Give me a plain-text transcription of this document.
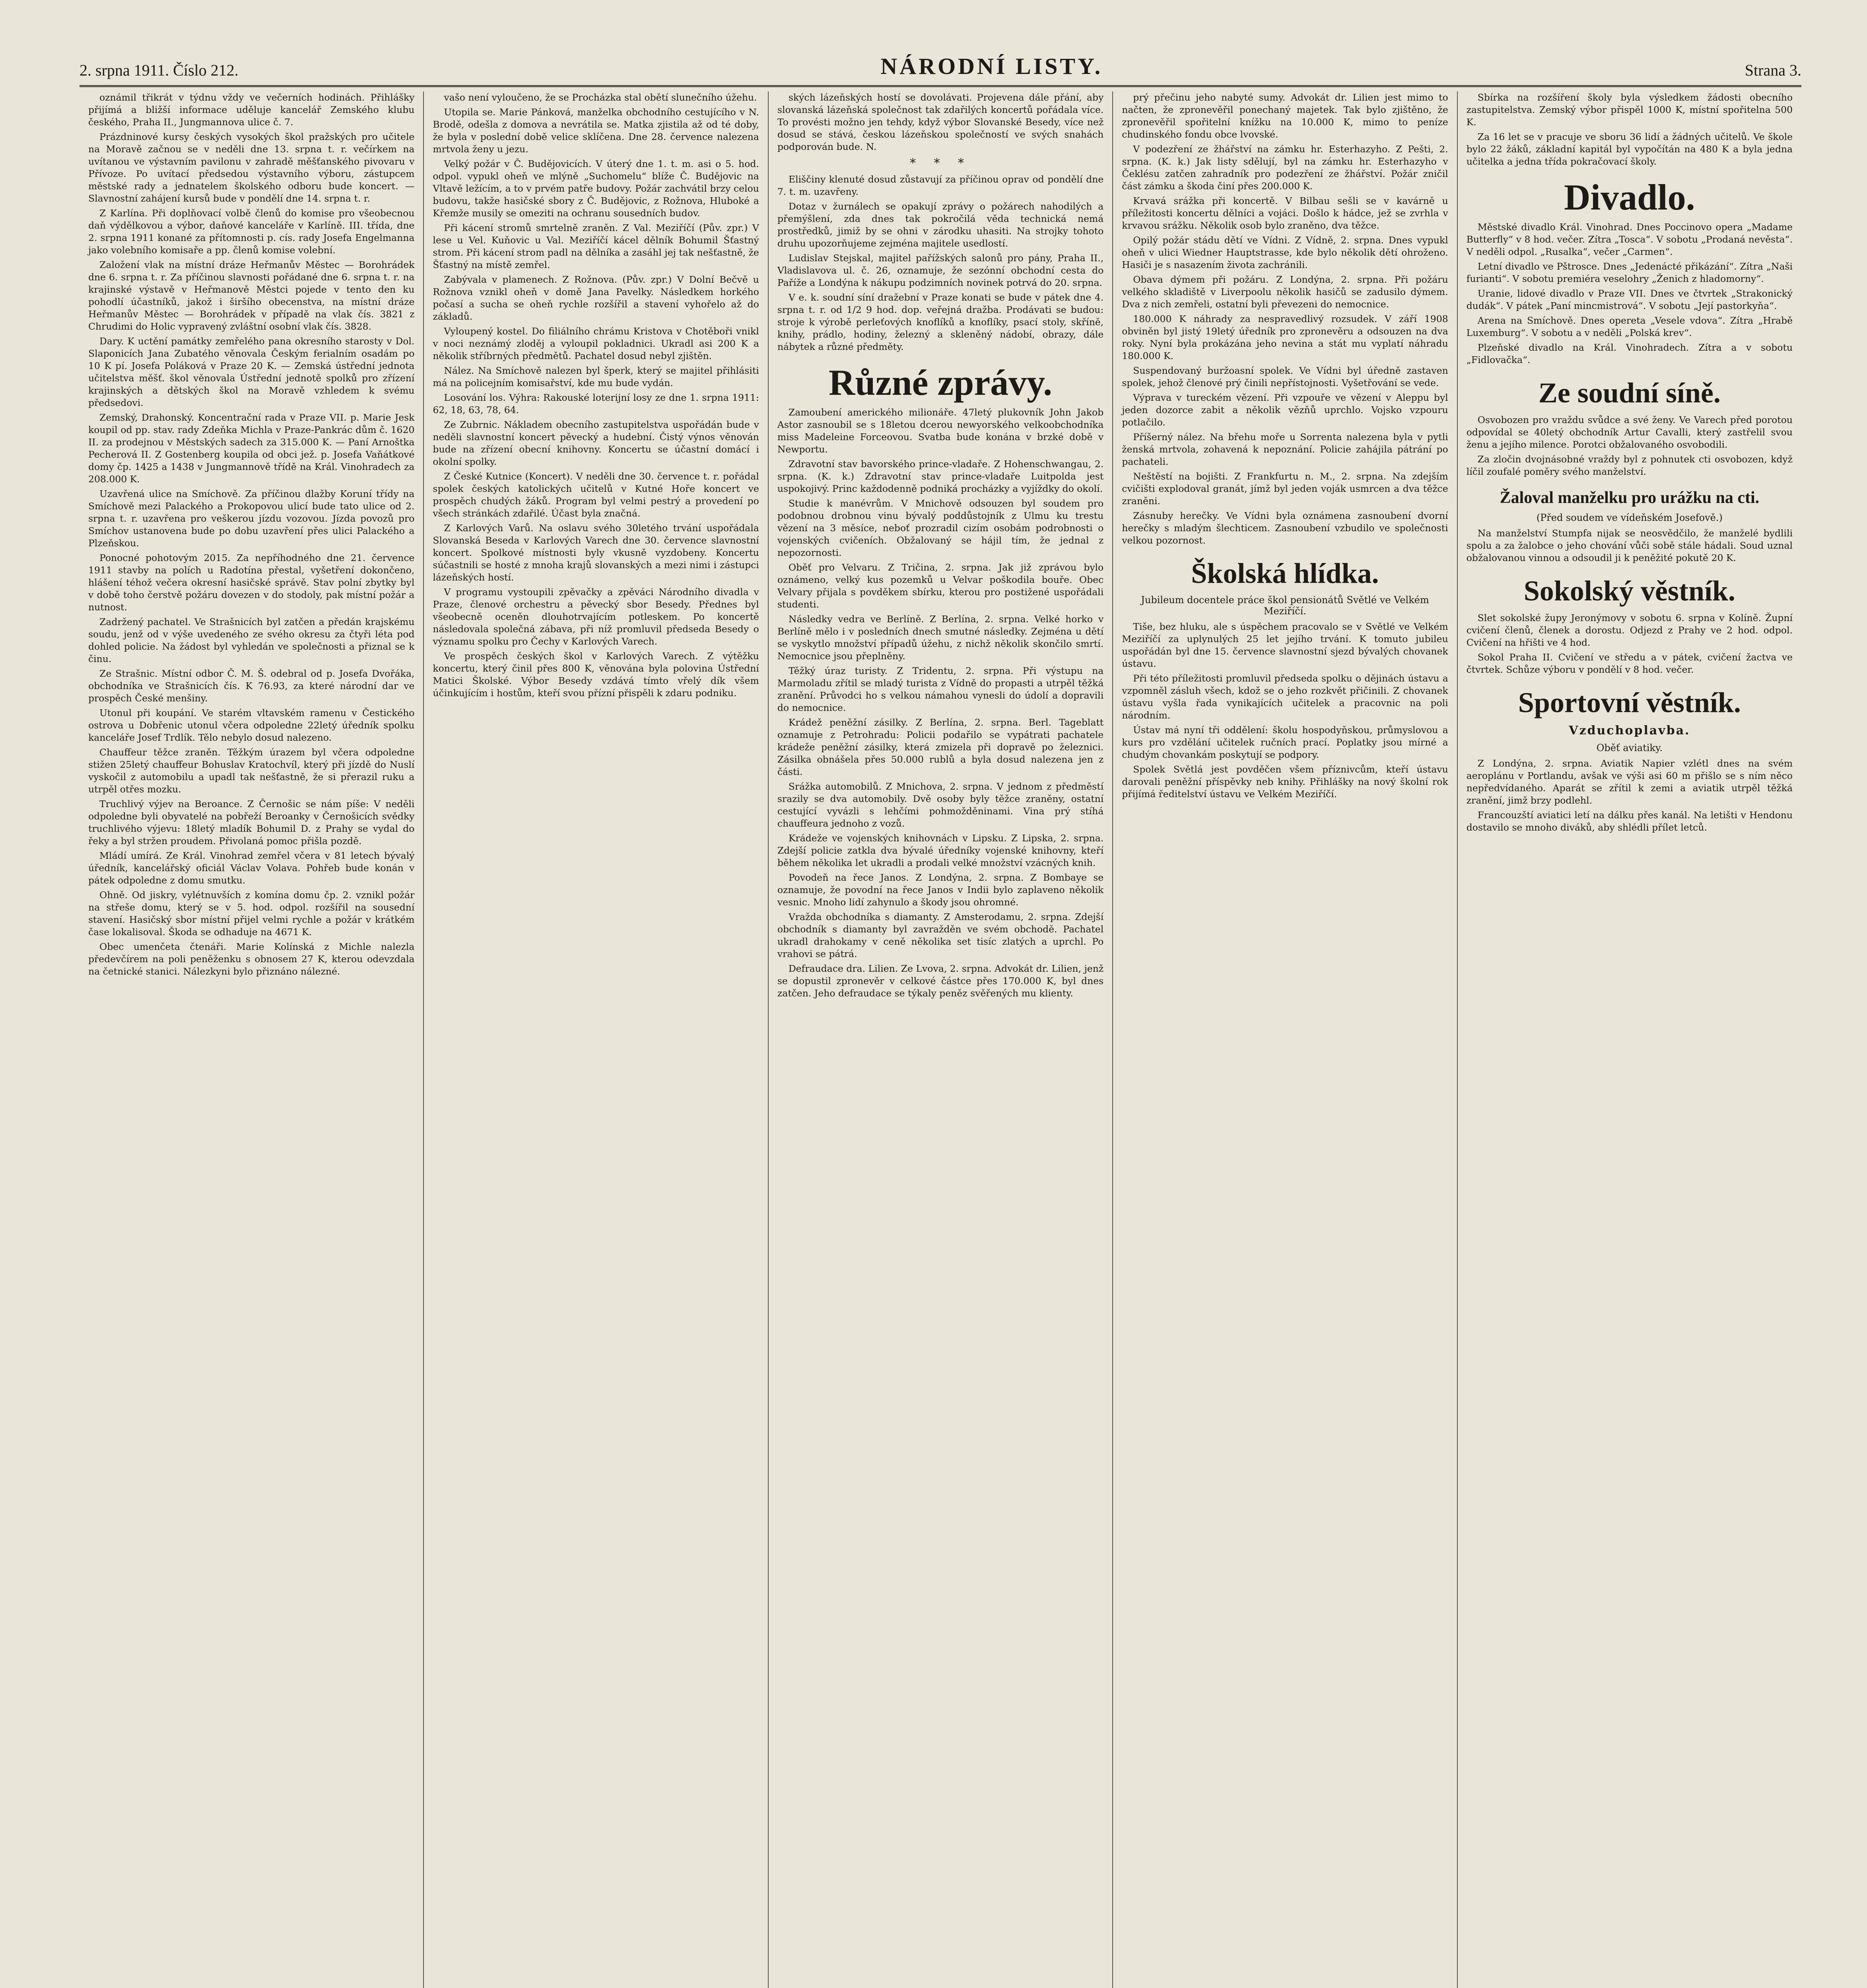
2. srpna 1911. Číslo 212.	NÁRODNÍ LISTY.	Strana 3.

oznámil třikrát v týdnu vždy ve večerních hodinách. Přihlášky přijímá a bližší informace uděluje kancelář Zemského klubu českého, Praha II., Jungmannova ulice č. 7.

Prázdninové kursy českých vysokých škol pražských pro učitele na Moravě začnou se v neděli dne 13. srpna t. r. večírkem na uvítanou ve výstavním pavilonu v zahradě měšťanského pivovaru v Přívoze. Po uvítací předsedou výstavního výboru, zástupcem městské rady a jednatelem školského odboru bude koncert. — Slavnostní zahájení kursů bude v pondělí dne 14. srpna t. r.

Z Karlína. Při doplňovací volbě členů do komise pro všeobecnou daň výdělkovou a výbor, daňové kanceláře v Karlíně. III. třída, dne 2. srpna 1911 konané za přítomnosti p. cís. rady Josefa Engelmanna jako volebního komisaře a pp. členů komise volební.

Založení vlak na místní dráze Heřmanův Městec — Borohrádek dne 6. srpna t. r. Za příčinou slavnosti pořádané dne 6. srpna t. r. na krajinské výstavě v Heřmanově Městci pojede v tento den ku pohodlí účastníků, jakož i širšího obecenstva, na místní dráze Heřmanův Městec — Borohrádek v případě na vlak čís. 3821 z Chrudimi do Holic vypravený zvláštní osobní vlak čís. 3828.

Dary. K uctění památky zemřelého pana okresního starosty v Dol. Slaponicích Jana Zubatého věnovala Českým ferialním osadám po 10 K pí. Josefa Poláková v Praze 20 K. — Zemská ústřední jednota učitelstva měšť. škol věnovala Ústřední jednotě spolků pro zřízení krajinských a dětských škol na Moravě vzhledem k svému předsedovi.

Zemský, Drahonský. Koncentrační rada v Praze VII. p. Marie Jesk koupil od pp. stav. rady Zdeňka Michla v Praze-Pankrác dům č. 1620 II. za prodejnou v Městských sadech za 315.000 K. — Paní Arnoštka Pecherová II. Z Gostenberg koupila od obci jež. p. Josefa Vaňátkové domy čp. 1425 a 1438 v Jungmannově třídě na Král. Vinohradech za 208.000 K.

Uzavřená ulice na Smíchově. Za příčinou dlažby Koruní třídy na Smíchově mezi Palackého a Prokopovou ulicí bude tato ulice od 2. srpna t. r. uzavřena pro veškerou jízdu vozovou. Jízda povozů pro Smíchov ustanovena bude po dobu uzavření přes ulici Palackého a Plzeňskou.

Ponocné pohotovým 2015. Za nepříhodného dne 21. července 1911 stavby na polích u Radotína přestal, vyšetření dokončeno, hlášení téhož večera okresní hasičské správě. Stav polní zbytky byl v době toho čerstvě požáru dovezen v do stodoly, pak místní požár a nutnost.

Zadržený pachatel. Ve Strašnicích byl zatčen a předán krajskému soudu, jenž od v výše uvedeného ze svého okresu za čtyři léta pod dohled policie. Na žádost byl vyhledán ve společnosti a přiznal se k činu.

Ze Strašnic. Místní odbor Č. M. Š. odebral od p. Josefa Dvořáka, obchodníka ve Strašnicích čís. K 76.93, za které národní dar ve prospěch České menšiny.

Utonul při koupání. Ve starém vltavském ramenu v Čestického ostrova u Dobřenic utonul včera odpoledne 22letý úředník spolku kanceláře Josef Trdlík. Tělo nebylo dosud nalezeno.

Chauffeur těžce zraněn. Těžkým úrazem byl včera odpoledne stižen 25letý chauffeur Bohuslav Kratochvíl, který při jízdě do Nuslí vyskočil z automobilu a upadl tak nešťastně, že si přerazil ruku a utrpěl otřes mozku.

Truchlivý výjev na Beroance. Z Černošic se nám píše: V neděli odpoledne byli obyvatelé na pobřeží Beroanky v Černošicích svědky truchlivého výjevu: 18letý mladík Bohumil D. z Prahy se vydal do řeky a byl stržen proudem. Přivolaná pomoc přišla pozdě.

Mládí umírá. Ze Král. Vinohrad zemřel včera v 81 letech bývalý úředník, kancelářský oficiál Václav Volava. Pohřeb bude konán v pátek odpoledne z domu smutku.

Ohně. Od jiskry, vylétnuvších z komína domu čp. 2. vznikl požár na střeše domu, který se v 5. hod. odpol. rozšířil na sousední stavení. Hasičský sbor místní přijel velmi rychle a požár v krátkém čase lokalisoval. Škoda se odhaduje na 4671 K.

Obec umenčeta čtenáři. Marie Kolínská z Michle nalezla předevčírem na poli peněženku s obnosem 27 K, kterou odevzdala na četnické stanici. Nálezkyni bylo přiznáno nálezné.

vašo není vyloučeno, že se Procházka stal obětí slunečního úžehu.

Utopila se. Marie Pánková, manželka obchodního cestujícího v N. Brodě, odešla z domova a nevrátila se. Matka zjistila až od té doby, že byla v poslední době velice sklíčena. Dne 28. července nalezena mrtvola ženy u jezu.

Velký požár v Č. Budějovicích. V úterý dne 1. t. m. asi o 5. hod. odpol. vypukl oheň ve mlýně „Suchomelu“ blíže Č. Budějovic na Vltavě ležícím, a to v prvém patře budovy. Požár zachvátil brzy celou budovu, takže hasičské sbory z Č. Budějovic, z Rožnova, Hluboké a Křemže musily se omeziti na ochranu sousedních budov.

Při kácení stromů smrtelně zraněn. Z Val. Meziříčí (Pův. zpr.) V lese u Vel. Kuňovic u Val. Meziříčí kácel dělník Bohumil Šťastný strom. Při kácení strom padl na dělníka a zasáhl jej tak nešťastně, že Šťastný na místě zemřel.

Zabývala v plamenech. Z Rožnova. (Pův. zpr.) V Dolní Bečvě u Rožnova vznikl oheň v domě Jana Pavelky. Následkem horkého počasí a sucha se oheň rychle rozšířil a stavení vyhořelo až do základů.

Vyloupený kostel. Do filiálního chrámu Kristova v Chotěboři vnikl v noci neznámý zloděj a vyloupil pokladnici. Ukradl asi 200 K a několik stříbrných předmětů. Pachatel dosud nebyl zjištěn.

Nález. Na Smíchově nalezen byl šperk, který se majitel přihlásiti má na policejním komisařství, kde mu bude vydán.

Losování los. Výhra: Rakouské loterijní losy ze dne 1. srpna 1911: 62, 18, 63, 78, 64.

Ze Zubrnic. Nákladem obecního zastupitelstva uspořádán bude v neděli slavnostní koncert pěvecký a hudební. Čistý výnos věnován bude na zřízení obecní knihovny. Koncertu se účastní domácí i okolní spolky.

Z České Kutnice (Koncert). V neděli dne 30. července t. r. pořádal spolek českých katolických učitelů v Kutné Hoře koncert ve prospěch chudých žáků. Program byl velmi pestrý a provedení po všech stránkách zdařilé. Účast byla značná.

Z Karlových Varů. Na oslavu svého 30letého trvání uspořádala Slovanská Beseda v Karlových Varech dne 30. července slavnostní koncert. Spolkové místnosti byly vkusně vyzdobeny. Koncertu súčastnili se hosté z mnoha krajů slovanských a mezi nimi i zástupci lázeňských hostí.

V programu vystoupili zpěvačky a zpěváci Národního divadla v Praze, členové orchestru a pěvecký sbor Besedy. Přednes byl všeobecně oceněn dlouhotrvajícím potleskem. Po koncertě následovala společná zábava, při níž promluvil předseda Besedy o významu spolku pro Čechy v Karlových Varech.

Ve prospěch českých škol v Karlových Varech. Z výtěžku koncertu, který činil přes 800 K, věnována byla polovina Ústřední Matici Školské. Výbor Besedy vzdává tímto vřelý dík všem účinkujícím i hostům, kteří svou přízní přispěli k zdaru podniku.

ských lázeňských hostí se dovolávati. Projevena dále přání, aby slovanská lázeňská společnost tak zdařilých koncertů pořádala více. To provésti možno jen tehdy, když výbor Slovanské Besedy, více než dosud se stává, českou lázeňskou společností ve svých snahách podporován bude. N.

* * *

Eliščiny klenuté dosud zůstavují za příčinou oprav od pondělí dne 7. t. m. uzavřeny.

Dotaz v žurnálech se opakují zprávy o požárech nahodilých a přemýšlení, zda dnes tak pokročilá věda technická nemá prostředků, jimiž by se ohni v zárodku uhasiti. Na strojky tohoto druhu upozorňujeme zejména majitele usedlostí.

Ludislav Stejskal, majitel pařížských salonů pro pány, Praha II., Vladislavova ul. č. 26, oznamuje, že sezónní obchodní cesta do Paříže a Londýna k nákupu podzimních novinek potrvá do 20. srpna.

V e. k. soudní síní dražební v Praze konati se bude v pátek dne 4. srpna t. r. od 1/2 9 hod. dop. veřejná dražba. Prodávati se budou: stroje k výrobě perleťových knoflíků a knoflíky, psací stoly, skříně, knihy, prádlo, hodiny, železný a skleněný nádobí, obrazy, dále nábytek a různé předměty.

Různé zprávy.

Zamoubení amerického milionáře. 47letý plukovník John Jakob Astor zasnoubil se s 18letou dcerou newyorského velkoobchodníka miss Madeleine Forceovou. Svatba bude konána v brzké době v Newportu.

Zdravotní stav bavorského prince-vladaře. Z Hohenschwangau, 2. srpna. (K. k.) Zdravotní stav prince-vladaře Luitpolda jest uspokojivý. Princ každodenně podniká procházky a vyjíždky do okolí.

Studie k manévrům. V Mnichově odsouzen byl soudem pro podobnou drobnou vinu bývalý poddůstojník z Ulmu ku trestu vězení na 3 měsíce, neboť prozradil cizím osobám podrobnosti o vojenských cvičeních. Obžalovaný se hájil tím, že jednal z nepozornosti.

Oběť pro Velvaru. Z Tričina, 2. srpna. Jak již zprávou bylo oznámeno, velký kus pozemků u Velvar poškodila bouře. Obec Velvary přijala s povděkem sbírku, kterou pro postižené uspořádali studenti.

Následky vedra ve Berlíně. Z Berlína, 2. srpna. Velké horko v Berlíně mělo i v posledních dnech smutné následky. Zejména u dětí se vyskytlo množství případů úžehu, z nichž několik skončilo smrtí. Nemocnice jsou přeplněny.

Těžký úraz turisty. Z Tridentu, 2. srpna. Při výstupu na Marmoladu zřítil se mladý turista z Vídně do propasti a utrpěl těžká zranění. Průvodci ho s velkou námahou vynesli do údolí a dopravili do nemocnice.

Krádež peněžní zásilky. Z Berlína, 2. srpna. Berl. Tageblatt oznamuje z Petrohradu: Policii podařilo se vypátrati pachatele krádeže peněžní zásilky, která zmizela při dopravě po železnici. Zásilka obnášela přes 50.000 rublů a byla dosud nalezena jen z části.

Srážka automobilů. Z Mnichova, 2. srpna. V jednom z předměstí srazily se dva automobily. Dvě osoby byly těžce zraněny, ostatní cestující vyvázli s lehčími pohmožděninami. Vina prý stíhá chauffeura jednoho z vozů.

Krádeže ve vojenských knihovnách v Lipsku. Z Lipska, 2. srpna. Zdejší policie zatkla dva bývalé úředníky vojenské knihovny, kteří během několika let ukradli a prodali velké množství vzácných knih.

Povodeň na řece Janos. Z Londýna, 2. srpna. Z Bombaye se oznamuje, že povodní na řece Janos v Indii bylo zaplaveno několik vesnic. Mnoho lidí zahynulo a škody jsou ohromné.

Vražda obchodníka s diamanty. Z Amsterodamu, 2. srpna. Zdejší obchodník s diamanty byl zavražděn ve svém obchodě. Pachatel ukradl drahokamy v ceně několika set tisíc zlatých a uprchl. Po vrahovi se pátrá.

Defraudace dra. Lilien. Ze Lvova, 2. srpna. Advokát dr. Lilien, jenž se dopustil zpronevěr v celkové částce přes 170.000 K, byl dnes zatčen. Jeho defraudace se týkaly peněz svěřených mu klienty.

prý přečinu jeho nabyté sumy. Advokát dr. Lilien jest mimo to načten, že zpronevěřil ponechaný majetek. Tak bylo zjištěno, že zpronevěřil spořitelní knížku na 10.000 K, mimo to peníze chudinského fondu obce lvovské.

V podezření ze žhářství na zámku hr. Esterhazyho. Z Pešti, 2. srpna. (K. k.) Jak listy sdělují, byl na zámku hr. Esterhazyho v Čeklésu zatčen zahradník pro podezření ze žhářství. Požár zničil část zámku a škoda činí přes 200.000 K.

Krvavá srážka při koncertě. V Bilbau sešli se v kavárně u příležitosti koncertu dělníci a vojáci. Došlo k hádce, jež se zvrhla v krvavou srážku. Několik osob bylo zraněno, dva těžce.

Opilý požár stádu dětí ve Vídni. Z Vídně, 2. srpna. Dnes vypukl oheň v ulici Wiedner Hauptstrasse, kde bylo několik dětí ohroženo. Hasiči je s nasazením života zachránili.

Obava dýmem při požáru. Z Londýna, 2. srpna. Při požáru velkého skladiště v Liverpoolu několik hasičů se zadusilo dýmem. Dva z nich zemřeli, ostatní byli převezeni do nemocnice.

180.000 K náhrady za nespravedlivý rozsudek. V září 1908 obviněn byl jistý 19letý úředník pro zpronevěru a odsouzen na dva roky. Nyní byla prokázána jeho nevina a stát mu vyplatí náhradu 180.000 K.

Suspendovaný buržoasní spolek. Ve Vídni byl úředně zastaven spolek, jehož členové prý činili nepřístojnosti. Vyšetřování se vede.

Výprava v tureckém vězení. Při vzpouře ve vězení v Aleppu byl jeden dozorce zabit a několik vězňů uprchlo. Vojsko vzpouru potlačilo.

Příšerný nález. Na břehu moře u Sorrenta nalezena byla v pytli ženská mrtvola, zohavená k nepoznání. Policie zahájila pátrání po pachateli.

Neštěstí na bojišti. Z Frankfurtu n. M., 2. srpna. Na zdejším cvičišti explodoval granát, jímž byl jeden voják usmrcen a dva těžce zraněni.

Zásnuby herečky. Ve Vídni byla oznámena zasnoubení dvorní herečky s mladým šlechticem. Zasnoubení vzbudilo ve společnosti velkou pozornost.

Školská hlídka.
Jubileum docentele práce škol pensionátů Světlé ve Velkém Meziříčí.

Tiše, bez hluku, ale s úspěchem pracovalo se v Světlé ve Velkém Meziříčí za uplynulých 25 let jejího trvání. K tomuto jubileu uspořádán byl dne 15. července slavnostní sjezd bývalých chovanek ústavu.

Při této příležitosti promluvil předseda spolku o dějinách ústavu a vzpomněl zásluh všech, kdož se o jeho rozkvět přičinili. Z chovanek ústavu vyšla řada vynikajících učitelek a pracovnic na poli národním.

Ústav má nyní tři oddělení: školu hospodyňskou, průmyslovou a kurs pro vzdělání učitelek ručních prací. Poplatky jsou mírné a chudým chovankám poskytují se podpory.

Spolek Světlá jest povděčen všem příznivcům, kteří ústavu darovali peněžní příspěvky neb knihy. Přihlášky na nový školní rok přijímá ředitelství ústavu ve Velkém Meziříčí.

Sbírka na rozšíření školy byla výsledkem žádosti obecního zastupitelstva. Zemský výbor přispěl 1000 K, místní spořitelna 500 K.

Za 16 let se v pracuje ve sboru 36 lidí a žádných učitelů. Ve škole bylo 22 žáků, základní kapitál byl vypočítán na 480 K a byla jedna učitelka a jedna třída pokračovací školy.

Divadlo.

Městské divadlo Král. Vinohrad. Dnes Poccinovo opera „Madame Butterfly“ v 8 hod. večer. Zítra „Tosca“. V sobotu „Prodaná nevěsta“. V neděli odpol. „Rusalka“, večer „Carmen“.

Letní divadlo ve Pštrosce. Dnes „Jedenácté přikázání“. Zítra „Naši furianti“. V sobotu premiéra veselohry „Ženich z hladomorny“.

Uranie, lidové divadlo v Praze VII. Dnes ve čtvrtek „Strakonický dudák“. V pátek „Paní mincmistrová“. V sobotu „Její pastorkyňa“.

Arena na Smíchově. Dnes opereta „Vesele vdova“. Zítra „Hrabě Luxemburg“. V sobotu a v neděli „Polská krev“.

Plzeňské divadlo na Král. Vinohradech. Zítra a v sobotu „Fidlovačka“.

Ze soudní síně.

Osvobozen pro vraždu svůdce a své ženy. Ve Varech před porotou odpovídal se 40letý obchodník Artur Cavalli, který zastřelil svou ženu a jejího milence. Porotci obžalovaného osvobodili.

Za zločin dvojnásobné vraždy byl z pohnutek cti osvobozen, když líčil zoufalé poměry svého manželství.

Žaloval manželku pro urážku na cti.
(Před soudem ve vídeňském Josefově.)

Na manželství Stumpfa nijak se neosvědčilo, že manželé bydlili spolu a za žalobce o jeho chování vůči sobě stále hádali. Soud uznal obžalovanou vinnou a odsoudil ji k peněžité pokutě 20 K.

Sokolský věstník.

Slet sokolské župy Jeronýmovy v sobotu 6. srpna v Kolíně. Župní cvičení členů, členek a dorostu. Odjezd z Prahy ve 2 hod. odpol. Cvičení na hřišti ve 4 hod.

Sokol Praha II. Cvičení ve středu a v pátek, cvičení žactva ve čtvrtek. Schůze výboru v pondělí v 8 hod. večer.

Sportovní věstník.
Vzduchoplavba.
Oběť aviatiky.

Z Londýna, 2. srpna. Aviatik Napier vzlétl dnes na svém aeroplánu v Portlandu, avšak ve výši asi 60 m přišlo se s ním něco nepředvídaného. Aparát se zřítil k zemi a aviatik utrpěl těžká zranění, jimž brzy podlehl.

Francouzští aviatici letí na dálku přes kanál. Na letišti v Hendonu dostavilo se mnoho diváků, aby shlédli přílet letců.
